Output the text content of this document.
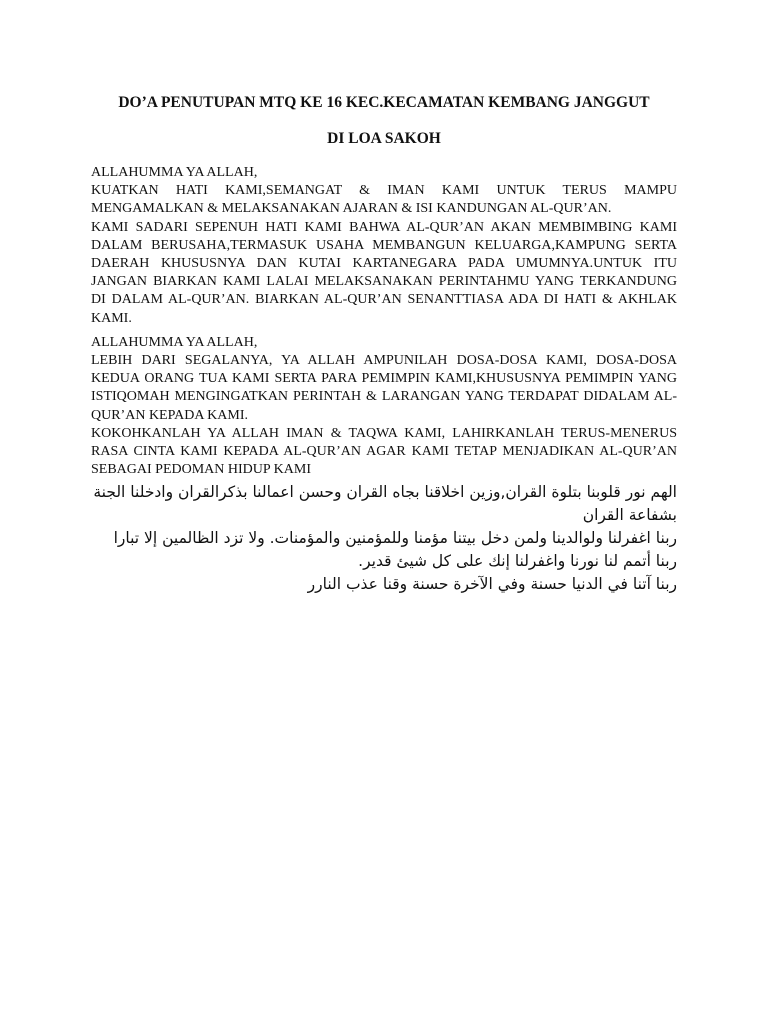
DO’A PENUTUPAN MTQ KE 16 KEC.KECAMATAN KEMBANG JANGGUT

DI LOA SAKOH

ALLAHUMMA YA ALLAH,

KUATKAN HATI KAMI,SEMANGAT & IMAN KAMI UNTUK TERUS MAMPU MENGAMALKAN & MELAKSANAKAN AJARAN & ISI KANDUNGAN AL-QUR’AN.

KAMI SADARI SEPENUH HATI KAMI BAHWA AL-QUR’AN AKAN MEMBIMBING KAMI DALAM BERUSAHA,TERMASUK USAHA MEMBANGUN KELUARGA,KAMPUNG SERTA DAERAH KHUSUSNYA DAN KUTAI KARTANEGARA PADA UMUMNYA.UNTUK ITU JANGAN BIARKAN KAMI LALAI MELAKSANAKAN PERINTAHMU YANG TERKANDUNG DI DALAM AL-QUR’AN. BIARKAN AL-QUR’AN SENANTTIASA ADA DI HATI & AKHLAK KAMI.

ALLAHUMMA YA ALLAH,

LEBIH DARI SEGALANYA, YA ALLAH AMPUNILAH DOSA-DOSA KAMI, DOSA-DOSA KEDUA ORANG TUA KAMI SERTA PARA PEMIMPIN KAMI,KHUSUSNYA PEMIMPIN YANG ISTIQOMAH MENGINGATKAN PERINTAH & LARANGAN YANG TERDAPAT DIDALAM AL-QUR’AN KEPADA KAMI.

KOKOHKANLAH YA ALLAH IMAN & TAQWA KAMI, LAHIRKANLAH TERUS-MENERUS RASA CINTA KAMI KEPADA AL-QUR’AN AGAR KAMI TETAP MENJADIKAN AL-QUR’AN SEBAGAI PEDOMAN HIDUP KAMI

الهم نور قلوبنا بتلوة القران,وزين اخلاقنا بجاه القران وحسن اعمالنا بذكرالقران وادخلنا الجنة بشفاعة القران

ربنا اغفرلنا ولوالدينا ولمن دخل بيتنا مؤمنا وللمؤمنين والمؤمنات. ولا تزد الظالمين إلا تبارا

ربنا أتمم لنا نورنا واغفرلنا إنك على كل شيئ قدير.

ربنا آتنا في الدنيا حسنة وفي الآخرة حسنة وقنا عذب النارر
